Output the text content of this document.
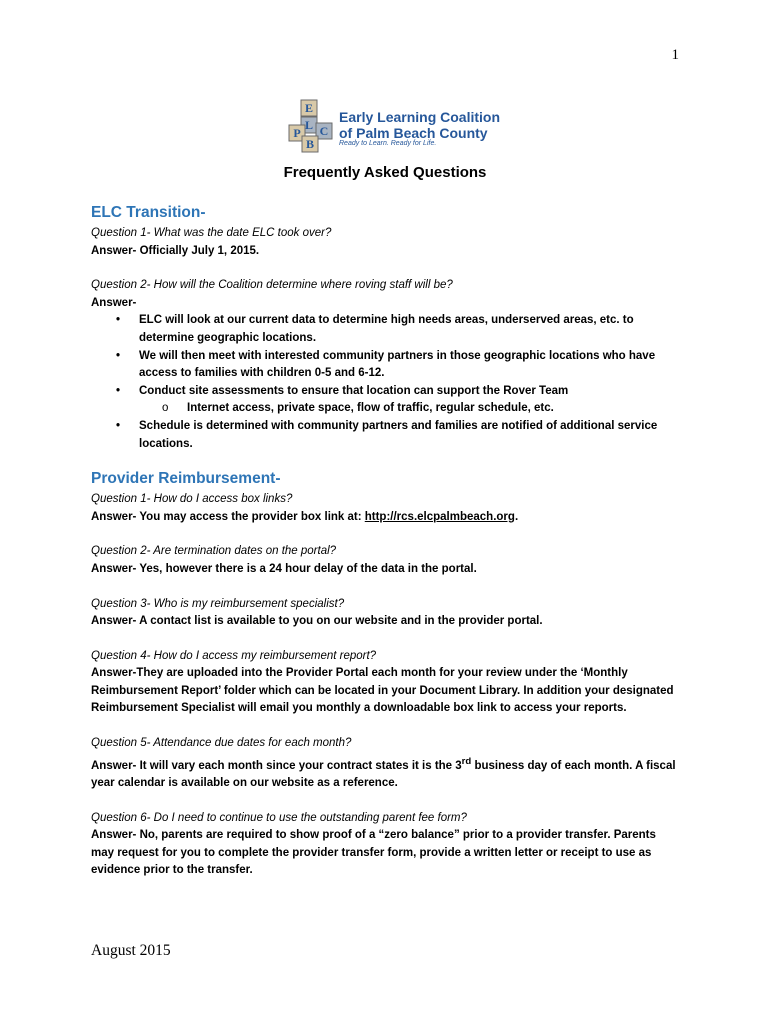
1
E
L
P C
B
Early Learning Coalition
of Palm Beach County
Ready to Learn. Ready for Life.
Frequently Asked Questions
ELC Transition-
Question 1- What was the date ELC took over?
Answer- Officially July 1, 2015.
Question 2- How will the Coalition determine where roving staff will be?
Answer-
• ELC will look at our current data to determine high needs areas, underserved areas, etc. to determine geographic locations.
• We will then meet with interested community partners in those geographic locations who have access to families with children 0-5 and 6-12.
• Conduct site assessments to ensure that location can support the Rover Team
o Internet access, private space, flow of traffic, regular schedule, etc.
• Schedule is determined with community partners and families are notified of additional service locations.
Provider Reimbursement-
Question 1- How do I access box links?
Answer- You may access the provider box link at: http://rcs.elcpalmbeach.org.
Question 2- Are termination dates on the portal?
Answer- Yes, however there is a 24 hour delay of the data in the portal.
Question 3- Who is my reimbursement specialist?
Answer- A contact list is available to you on our website and in the provider portal.
Question 4- How do I access my reimbursement report?
Answer-They are uploaded into the Provider Portal each month for your review under the ‘Monthly Reimbursement Report’ folder which can be located in your Document Library. In addition your designated Reimbursement Specialist will email you monthly a downloadable box link to access your reports.
Question 5- Attendance due dates for each month?
Answer- It will vary each month since your contract states it is the 3rd business day of each month. A fiscal year calendar is available on our website as a reference.
Question 6- Do I need to continue to use the outstanding parent fee form?
Answer- No, parents are required to show proof of a “zero balance” prior to a provider transfer. Parents may request for you to complete the provider transfer form, provide a written letter or receipt to use as evidence prior to the transfer.
August 2015
